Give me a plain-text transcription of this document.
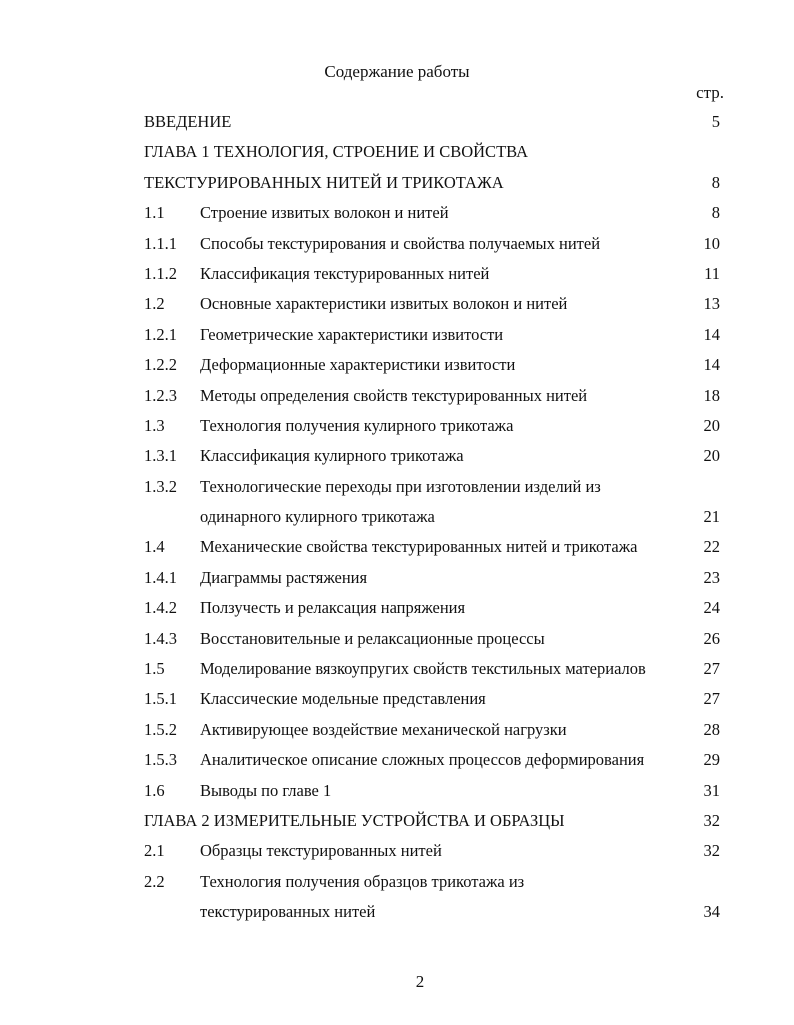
Содержание работы
стр.
ВВЕДЕНИЕ	5
ГЛАВА 1 ТЕХНОЛОГИЯ, СТРОЕНИЕ И СВОЙСТВА
ТЕКСТУРИРОВАННЫХ НИТЕЙ И ТРИКОТАЖА	8
1.1 Строение извитых волокон и нитей	8
1.1.1 Способы текстурирования и свойства получаемых нитей	10
1.1.2 Классификация текстурированных нитей	11
1.2 Основные характеристики извитых волокон и нитей	13
1.2.1 Геометрические характеристики извитости	14
1.2.2 Деформационные характеристики извитости	14
1.2.3 Методы определения свойств текстурированных нитей	18
1.3 Технология получения кулирного трикотажа	20
1.3.1 Классификация кулирного трикотажа	20
1.3.2 Технологические переходы при изготовлении изделий из
одинарного кулирного трикотажа	21
1.4 Механические свойства текстурированных нитей и трикотажа	22
1.4.1 Диаграммы растяжения	23
1.4.2 Ползучесть и релаксация напряжения	24
1.4.3 Восстановительные и релаксационные процессы	26
1.5 Моделирование вязкоупругих свойств текстильных материалов	27
1.5.1 Классические модельные представления	27
1.5.2 Активирующее воздействие механической нагрузки	28
1.5.3 Аналитическое описание сложных процессов деформирования	29
1.6 Выводы по главе 1	31
ГЛАВА 2 ИЗМЕРИТЕЛЬНЫЕ УСТРОЙСТВА И ОБРАЗЦЫ	32
2.1 Образцы текстурированных нитей	32
2.2 Технология получения образцов трикотажа из
текстурированных нитей	34
2
